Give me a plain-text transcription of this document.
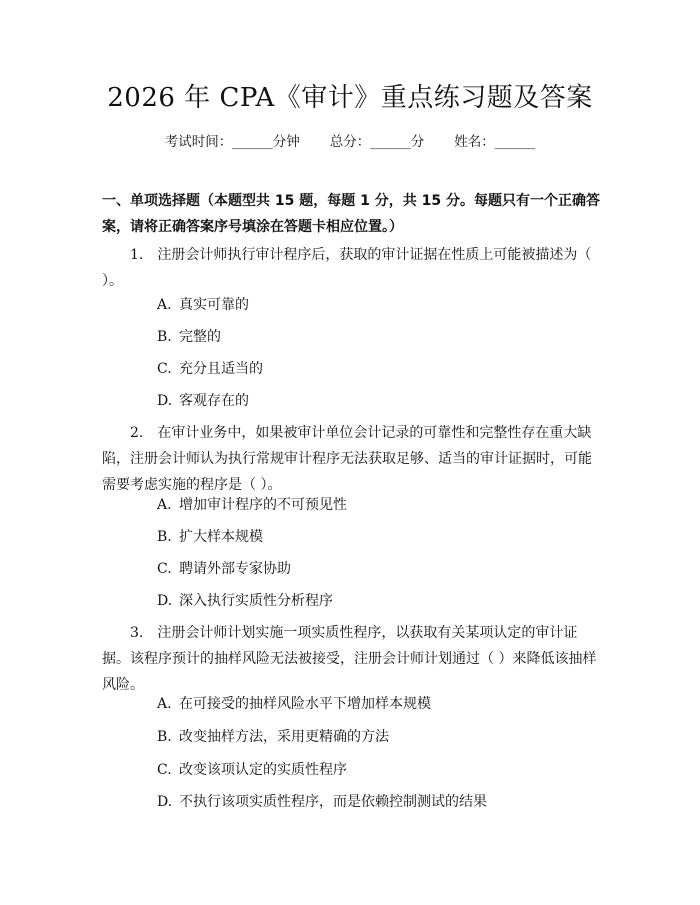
2026 年 CPA《审计》重点练习题及答案
考试时间：______分钟 总分：______分 姓名：______
一、单项选择题（本题型共 15 题，每题 1 分，共 15 分。每题只有一个正确答案，请将正确答案序号填涂在答题卡相应位置。）
1. 注册会计师执行审计程序后，获取的审计证据在性质上可能被描述为（ ）。
A. 真实可靠的
B. 完整的
C. 充分且适当的
D. 客观存在的
2. 在审计业务中，如果被审计单位会计记录的可靠性和完整性存在重大缺陷，注册会计师认为执行常规审计程序无法获取足够、适当的审计证据时，可能需要考虑实施的程序是（ ）。
A. 增加审计程序的不可预见性
B. 扩大样本规模
C. 聘请外部专家协助
D. 深入执行实质性分析程序
3. 注册会计师计划实施一项实质性程序，以获取有关某项认定的审计证据。该程序预计的抽样风险无法被接受，注册会计师计划通过（ ）来降低该抽样风险。
A. 在可接受的抽样风险水平下增加样本规模
B. 改变抽样方法，采用更精确的方法
C. 改变该项认定的实质性程序
D. 不执行该项实质性程序，而是依赖控制测试的结果
